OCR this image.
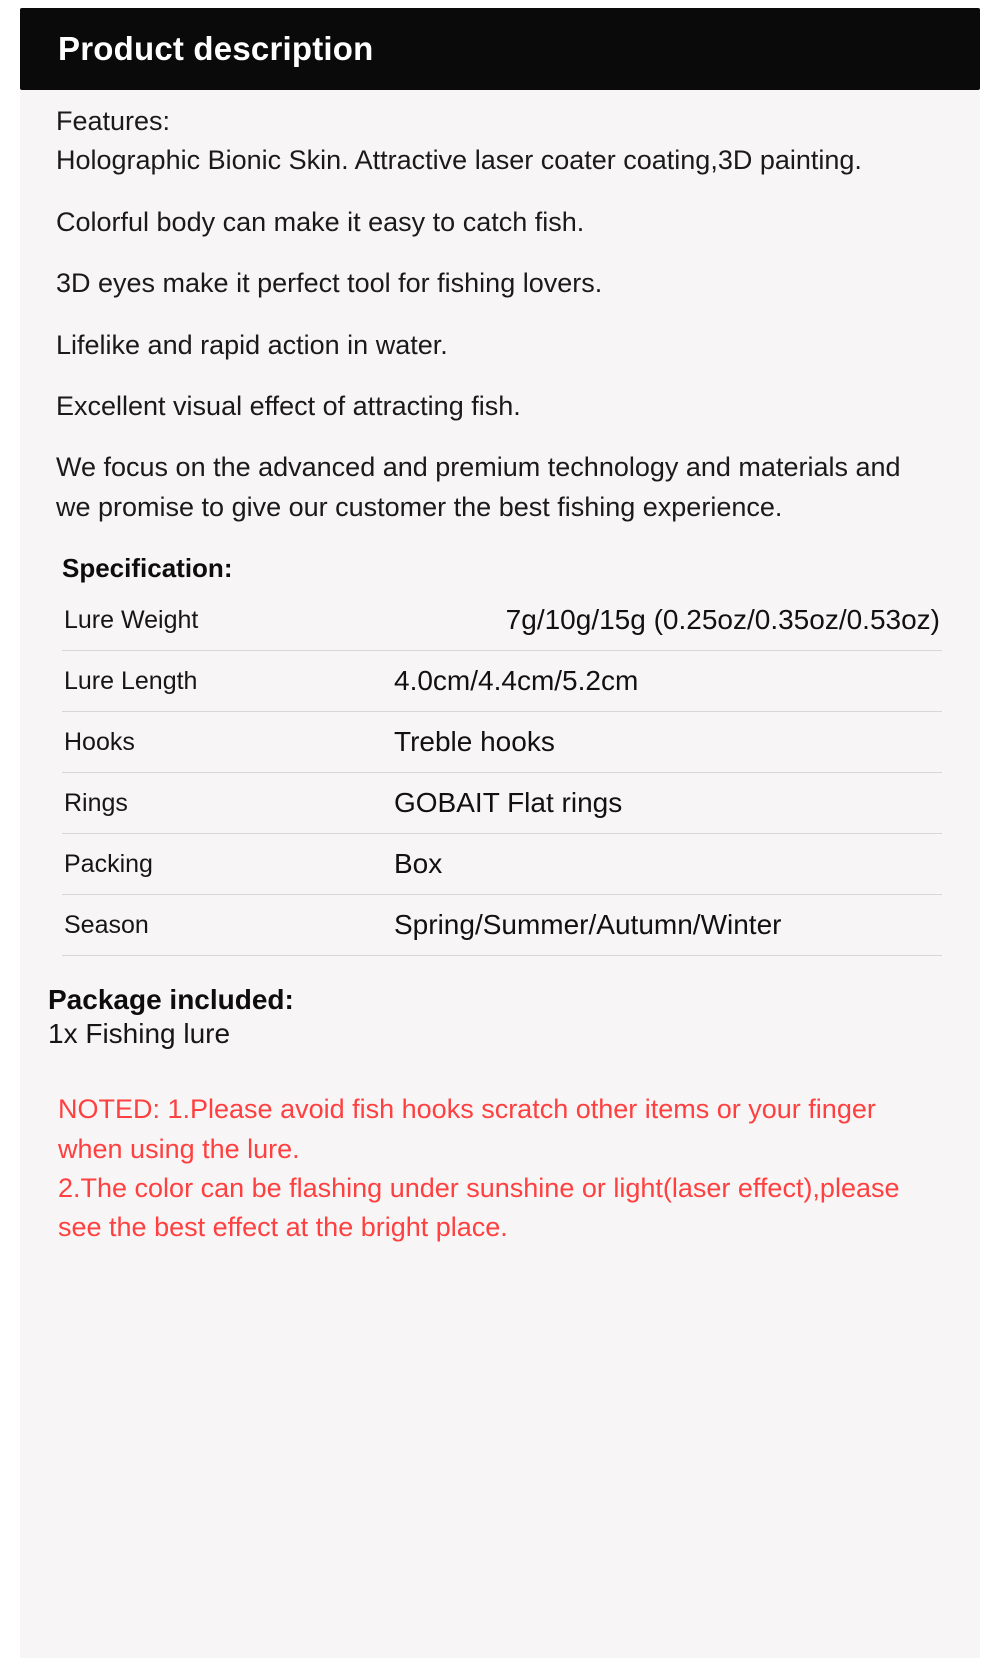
Product description

Features:

Holographic Bionic Skin. Attractive laser coater coating,3D painting.

Colorful body can make it easy to catch fish.

3D eyes make it perfect tool for fishing lovers.

Lifelike and rapid action in water.

Excellent visual effect of attracting fish.

We focus on the advanced and premium technology and materials and we promise to give our customer the best fishing experience.

Specification:
Lure Weight	7g/10g/15g (0.25oz/0.35oz/0.53oz)
Lure Length	4.0cm/4.4cm/5.2cm
Hooks	Treble hooks
Rings	GOBAIT Flat rings
Packing	Box
Season	Spring/Summer/Autumn/Winter
Package included:
1x Fishing lure
NOTED: 1.Please avoid fish hooks scratch other items or your finger when using the lure.
2.The color can be flashing under sunshine or light(laser effect),please see the best effect at the bright place.
